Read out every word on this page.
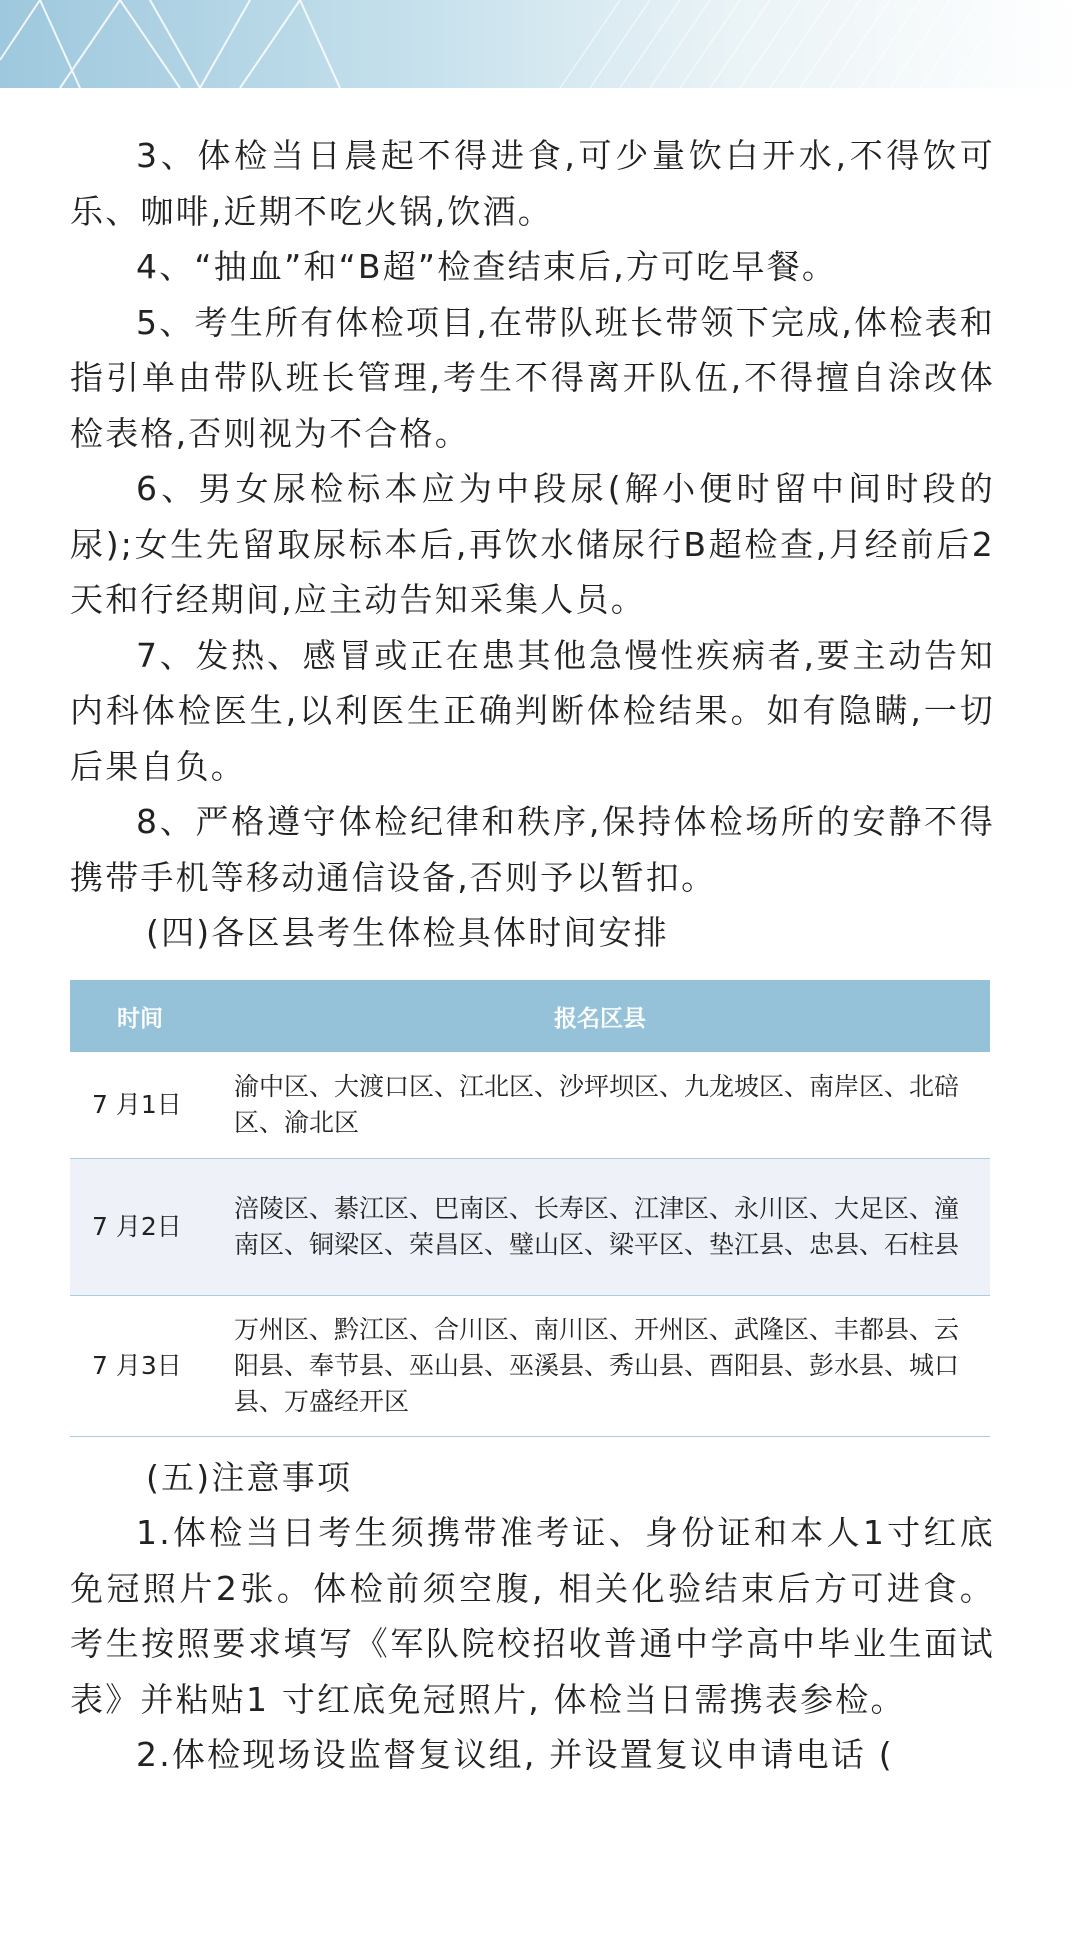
3、体检当日晨起不得进食,可少量饮白开水,不得饮可乐、咖啡,近期不吃火锅,饮酒。

4、“抽血”和“B超”检查结束后,方可吃早餐。

5、考生所有体检项目,在带队班长带领下完成,体检表和指引单由带队班长管理,考生不得离开队伍,不得擅自涂改体检表格,否则视为不合格。

6、男女尿检标本应为中段尿(解小便时留中间时段的尿);女生先留取尿标本后,再饮水储尿行B超检查,月经前后2天和行经期间,应主动告知采集人员。

7、发热、感冒或正在患其他急慢性疾病者,要主动告知内科体检医生,以利医生正确判断体检结果。如有隐瞒,一切后果自负。

8、严格遵守体检纪律和秩序,保持体检场所的安静不得携带手机等移动通信设备,否则予以暂扣。

(四)各区县考生体检具体时间安排

时间	报名区县
7 月1日	渝中区、大渡口区、江北区、沙坪坝区、九龙坡区、南岸区、北碚区、渝北区
7 月2日	涪陵区、綦江区、巴南区、长寿区、江津区、永川区、大足区、潼南区、铜梁区、荣昌区、璧山区、梁平区、垫江县、忠县、石柱县
7 月3日	万州区、黔江区、合川区、南川区、开州区、武隆区、丰都县、云阳县、奉节县、巫山县、巫溪县、秀山县、酉阳县、彭水县、城口县、万盛经开区

(五)注意事项

1.体检当日考生须携带准考证、身份证和本人1寸红底免冠照片2张。体检前须空腹, 相关化验结束后方可进食。考生按照要求填写《军队院校招收普通中学高中毕业生面试表》并粘贴1 寸红底免冠照片, 体检当日需携表参检。

2.体检现场设监督复议组, 并设置复议申请电话 (
